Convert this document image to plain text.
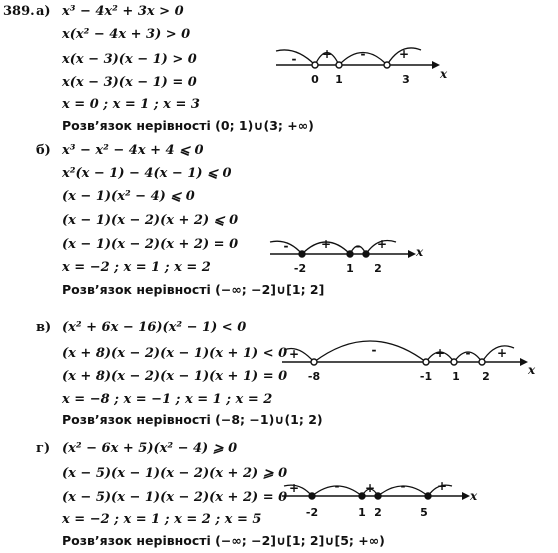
389. а) x³ − 4x² + 3x > 0
x(x² − 4x + 3) > 0
x(x − 3)(x − 1) > 0
x(x − 3)(x − 1) = 0
x = 0 ; x = 1 ; x = 3
Розв’язок нерівності (0; 1)∪(3; +∞)
- + -	+
0 1	3	x
б) x³ − x² − 4x + 4 ⩽ 0
x²(x − 1) − 4(x − 1) ⩽ 0
(x − 1)(x² − 4) ⩽ 0
(x − 1)(x − 2)(x + 2) ⩽ 0
(x − 1)(x − 2)(x + 2) = 0
x = −2 ; x = 1 ; x = 2
Розв’язок нерівності (−∞; −2]∪[1; 2]
-	+ - +
-2	1 2
x
в) (x² + 6x − 16)(x² − 1) < 0
(x + 8)(x − 2)(x − 1)(x + 1) < 0
(x + 8)(x − 2)(x − 1)(x + 1) = 0
x = −8 ; x = −1 ; x = 1 ; x = 2
Розв’язок нерівності (−8; −1)∪(1; 2)
+	-	+ - +
-8	-1 1 2	x
г) (x² − 6x + 5)(x² − 4) ⩾ 0
(x − 5)(x − 1)(x − 2)(x + 2) ⩾ 0
(x − 5)(x − 1)(x − 2)(x + 2) = 0
x = −2 ; x = 1 ; x = 2 ; x = 5
Розв’язок нерівності (−∞; −2]∪[1; 2]∪[5; +∞)
+	- + -	+
-2	1 2	5
x
